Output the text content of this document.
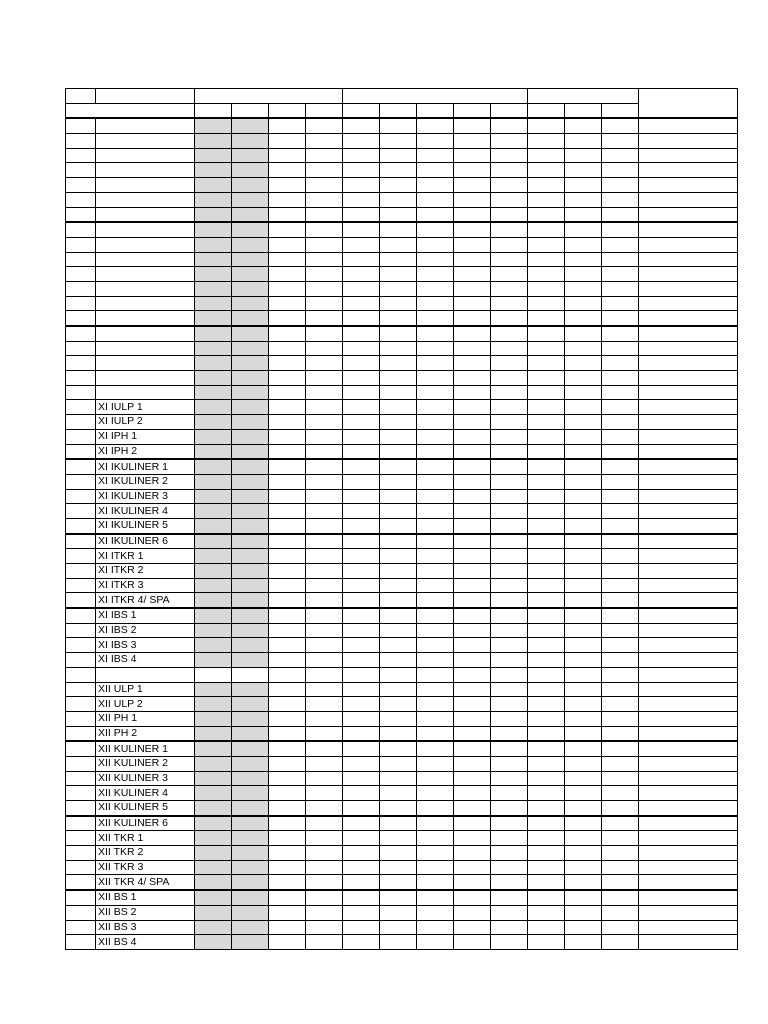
	XI IULP 1													
	XI IULP 2													
	XI IPH 1													
	XI IPH 2													
	XI IKULINER 1													
	XI IKULINER 2													
	XI IKULINER 3													
	XI IKULINER 4													
	XI IKULINER 5													
	XI IKULINER 6													
	XI ITKR 1													
	XI ITKR 2													
	XI ITKR 3													
	XI ITKR 4/ SPA													
	XI IBS 1													
	XI IBS 2													
	XI IBS 3													
	XI IBS 4													

	XII ULP 1													
	XII ULP 2													
	XII PH 1													
	XII PH 2													
	XII KULINER 1													
	XII KULINER 2													
	XII KULINER 3													
	XII KULINER 4													
	XII KULINER 5													
	XII KULINER 6													
	XII TKR 1													
	XII TKR 2													
	XII TKR 3													
	XII TKR 4/ SPA													
	XII BS 1													
	XII BS 2													
	XII BS 3													
	XII BS 4													
